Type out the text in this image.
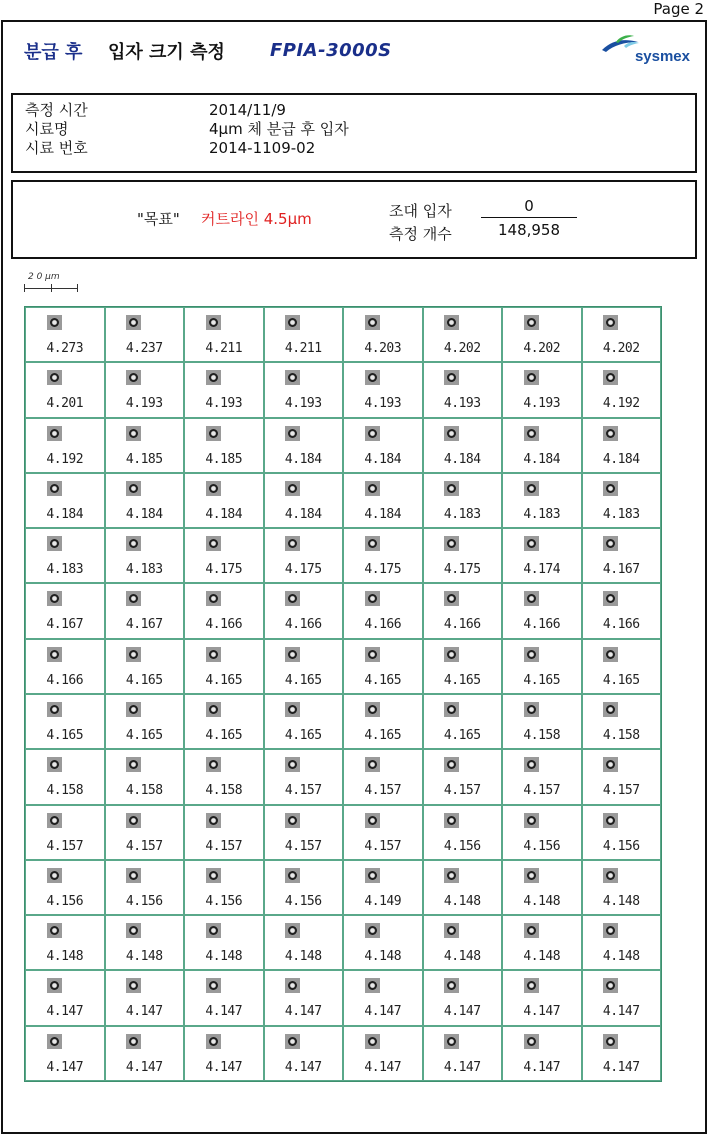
Page 2
분급 후 입자 크기 측정	FPIA-3000S	sysmex
측정 시간	2014/11/9
시료명	4μm 체 분급 후 입자
시료 번호	2014-1109-02
"목표" 커트라인 4.5μm	조대 입자	0
측정 개수	148,958
2 0 μm
4.273	4.237	4.211	4.211	4.203	4.202	4.202	4.202
4.201	4.193	4.193	4.193	4.193	4.193	4.193	4.192
4.192	4.185	4.185	4.184	4.184	4.184	4.184	4.184
4.184	4.184	4.184	4.184	4.184	4.183	4.183	4.183
4.183	4.183	4.175	4.175	4.175	4.175	4.174	4.167
4.167	4.167	4.166	4.166	4.166	4.166	4.166	4.166
4.166	4.165	4.165	4.165	4.165	4.165	4.165	4.165
4.165	4.165	4.165	4.165	4.165	4.165	4.158	4.158
4.158	4.158	4.158	4.157	4.157	4.157	4.157	4.157
4.157	4.157	4.157	4.157	4.157	4.156	4.156	4.156
4.156	4.156	4.156	4.156	4.149	4.148	4.148	4.148
4.148	4.148	4.148	4.148	4.148	4.148	4.148	4.148
4.147	4.147	4.147	4.147	4.147	4.147	4.147	4.147
4.147	4.147	4.147	4.147	4.147	4.147	4.147	4.147
